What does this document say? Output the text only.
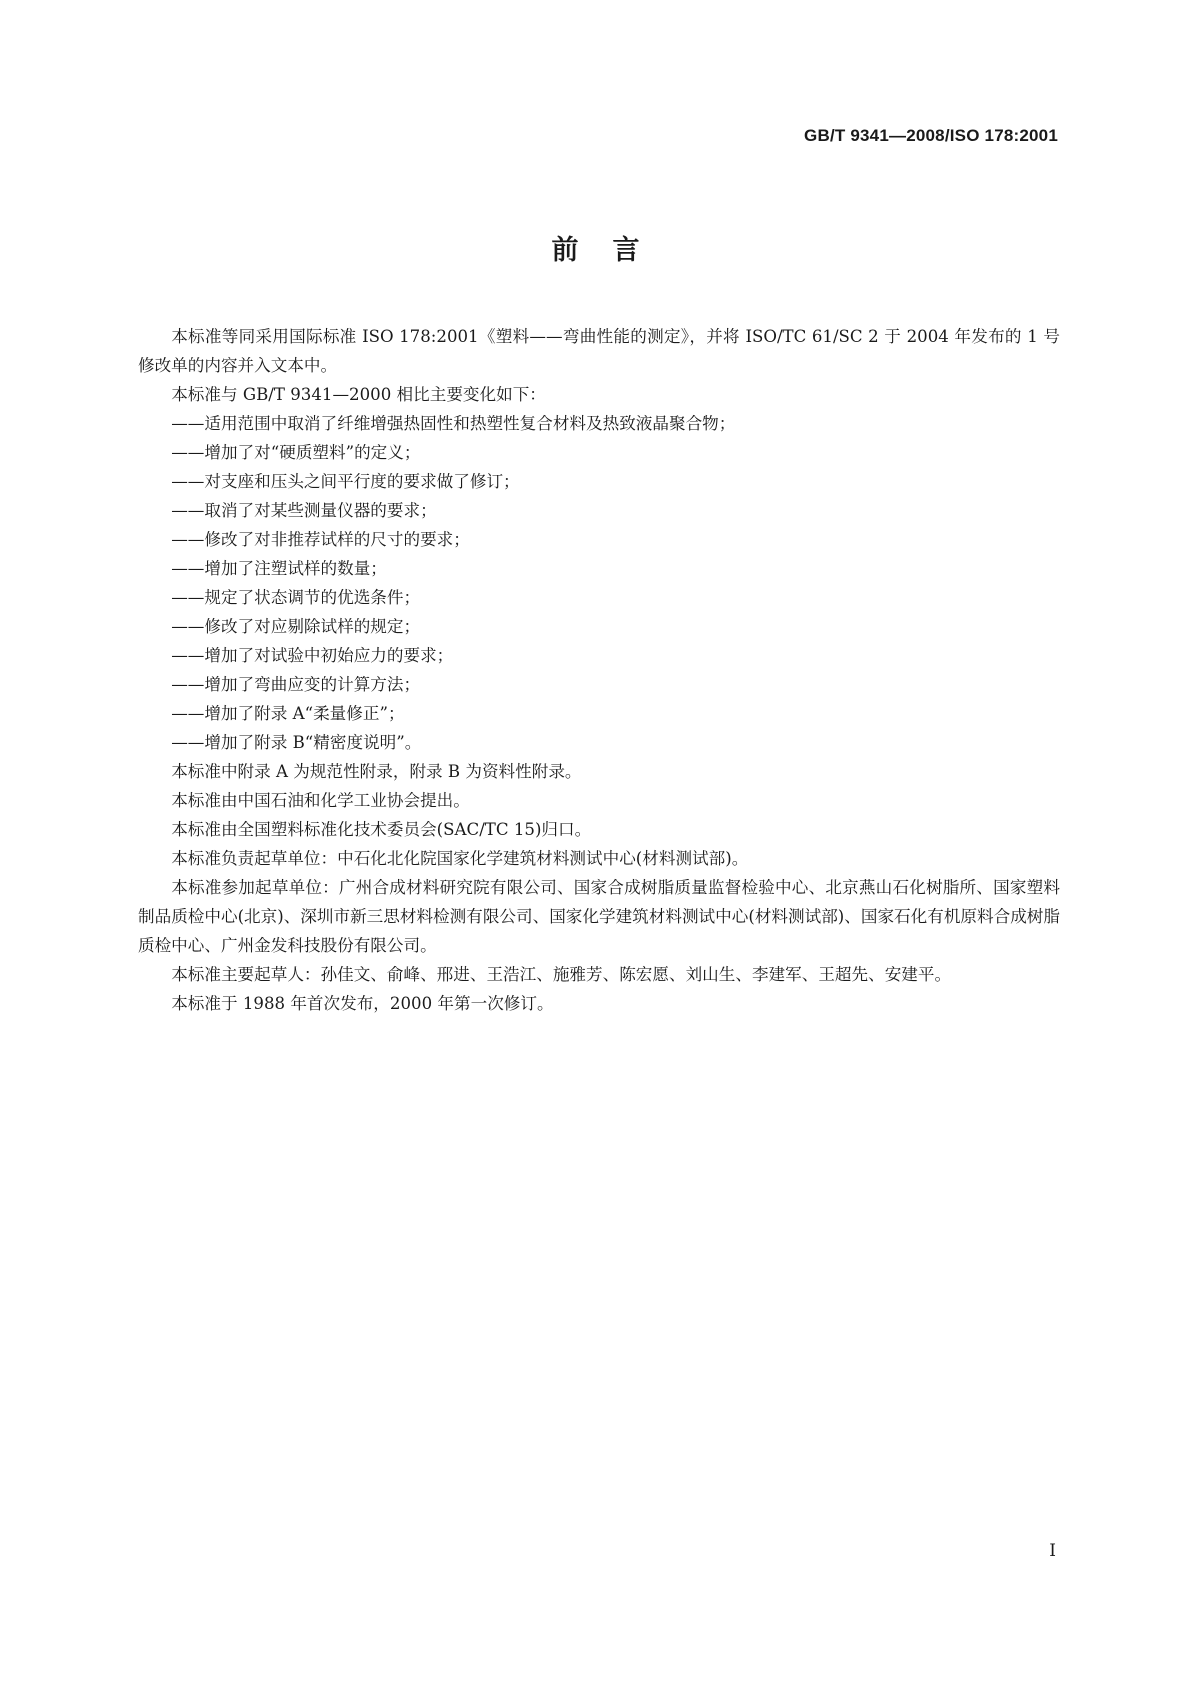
GB/T 9341—2008/ISO 178:2001
前言

本标准等同采用国际标准 ISO 178:2001《塑料——弯曲性能的测定》，并将 ISO/TC 61/SC 2 于 2004 年发布的 1 号修改单的内容并入文本中。

本标准与 GB/T 9341—2000 相比主要变化如下：

——适用范围中取消了纤维增强热固性和热塑性复合材料及热致液晶聚合物；

——增加了对“硬质塑料”的定义；

——对支座和压头之间平行度的要求做了修订；

——取消了对某些测量仪器的要求；

——修改了对非推荐试样的尺寸的要求；

——增加了注塑试样的数量；

——规定了状态调节的优选条件；

——修改了对应剔除试样的规定；

——增加了对试验中初始应力的要求；

——增加了弯曲应变的计算方法；

——增加了附录 A“柔量修正”；

——增加了附录 B“精密度说明”。

本标准中附录 A 为规范性附录，附录 B 为资料性附录。

本标准由中国石油和化学工业协会提出。

本标准由全国塑料标准化技术委员会(SAC/TC 15)归口。

本标准负责起草单位：中石化北化院国家化学建筑材料测试中心(材料测试部)。

本标准参加起草单位：广州合成材料研究院有限公司、国家合成树脂质量监督检验中心、北京燕山石化树脂所、国家塑料制品质检中心(北京)、深圳市新三思材料检测有限公司、国家化学建筑材料测试中心(材料测试部)、国家石化有机原料合成树脂质检中心、广州金发科技股份有限公司。

本标准主要起草人：孙佳文、俞峰、邢进、王浩江、施雅芳、陈宏愿、刘山生、李建军、王超先、安建平。

本标准于 1988 年首次发布，2000 年第一次修订。

I
